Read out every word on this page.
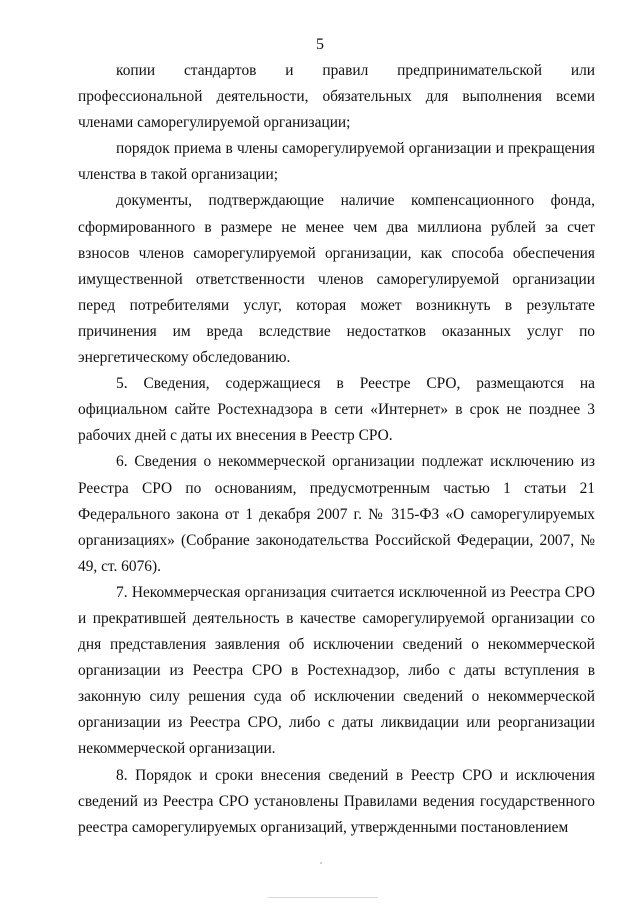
5

копии стандартов и правил предпринимательской или профессиональной деятельности, обязательных для выполнения всеми членами саморегулируемой организации;

порядок приема в члены саморегулируемой организации и прекращения членства в такой организации;

документы, подтверждающие наличие компенсационного фонда, сформированного в размере не менее чем два миллиона рублей за счет взносов членов саморегулируемой организации, как способа обеспечения имущественной ответственности членов саморегулируемой организации перед потребителями услуг, которая может возникнуть в результате причинения им вреда вследствие недостатков оказанных услуг по энергетическому обследованию.

5. Сведения, содержащиеся в Реестре СРО, размещаются на официальном сайте Ростехнадзора в сети «Интернет» в срок не позднее 3 рабочих дней с даты их внесения в Реестр СРО.

6. Сведения о некоммерческой организации подлежат исключению из Реестра СРО по основаниям, предусмотренным частью 1 статьи 21 Федерального закона от 1 декабря 2007 г. № 315-ФЗ «О саморегулируемых организациях» (Собрание законодательства Российской Федерации, 2007, № 49, ст. 6076).

7. Некоммерческая организация считается исключенной из Реестра СРО и прекратившей деятельность в качестве саморегулируемой организации со дня представления заявления об исключении сведений о некоммерческой организации из Реестра СРО в Ростехнадзор, либо с даты вступления в законную силу решения суда об исключении сведений о некоммерческой организации из Реестра СРО, либо с даты ликвидации или реорганизации некоммерческой организации.

8. Порядок и сроки внесения сведений в Реестр СРО и исключения сведений из Реестра СРО установлены Правилами ведения государственного реестра саморегулируемых организаций, утвержденными постановлением
